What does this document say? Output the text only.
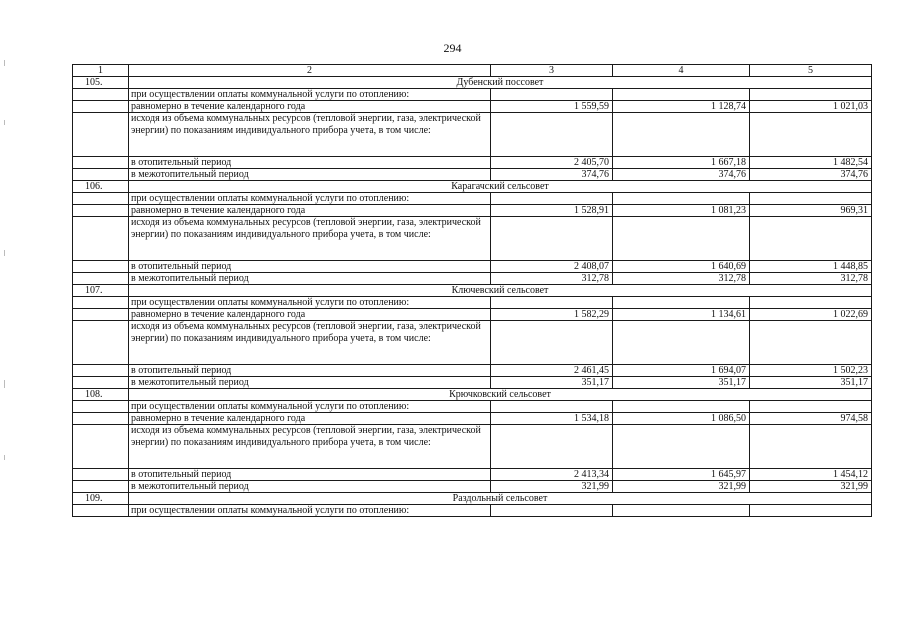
294
1	2	3	4	5
105.	Дубенский поссовет			
	при осуществлении оплаты коммунальной услуги по отоплению:			
	равномерно в течение календарного года	1 559,59	1 128,74	1 021,03
	исходя из объема коммунальных ресурсов (тепловой энергии, газа, электрической энергии) по показаниям индивидуального прибора учета, в том числе:			
	в отопительный период	2 405,70	1 667,18	1 482,54
	в межотопительный период	374,76	374,76	374,76
106.	Карагачский сельсовет			
	при осуществлении оплаты коммунальной услуги по отоплению:			
	равномерно в течение календарного года	1 528,91	1 081,23	969,31
	исходя из объема коммунальных ресурсов (тепловой энергии, газа, электрической энергии) по показаниям индивидуального прибора учета, в том числе:			
	в отопительный период	2 408,07	1 640,69	1 448,85
	в межотопительный период	312,78	312,78	312,78
107.	Ключевский сельсовет			
	при осуществлении оплаты коммунальной услуги по отоплению:			
	равномерно в течение календарного года	1 582,29	1 134,61	1 022,69
	исходя из объема коммунальных ресурсов (тепловой энергии, газа, электрической энергии) по показаниям индивидуального прибора учета, в том числе:			
	в отопительный период	2 461,45	1 694,07	1 502,23
	в межотопительный период	351,17	351,17	351,17
108.	Крючковский сельсовет			
	при осуществлении оплаты коммунальной услуги по отоплению:			
	равномерно в течение календарного года	1 534,18	1 086,50	974,58
	исходя из объема коммунальных ресурсов (тепловой энергии, газа, электрической энергии) по показаниям индивидуального прибора учета, в том числе:			
	в отопительный период	2 413,34	1 645,97	1 454,12
	в межотопительный период	321,99	321,99	321,99
109.	Раздольный сельсовет			
	при осуществлении оплаты коммунальной услуги по отоплению:			
